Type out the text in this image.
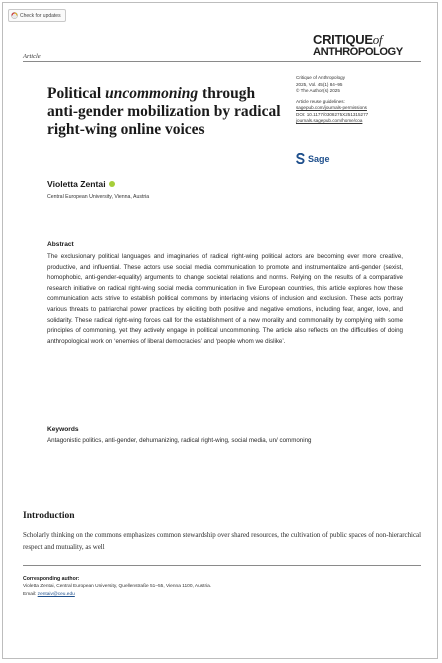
Check for updates
CRITIQUEof
ANTHROPOLOGY
Article
Political uncommoning through anti-gender mobilization by radical right-wing online voices
Critique of Anthropology
2025, Vol. 45(1) 84–95
© The Author(s) 2025
Article reuse guidelines:
sagepub.com/journals-permissions
DOI: 10.1177/0308275X251315277
journals.sagepub.com/home/coa
Sage
Violetta Zentai
Central European University, Vienna, Austria
Abstract

The exclusionary political languages and imaginaries of radical right-wing political actors are becoming ever more creative, productive, and influential. These actors use social media communication to promote and instrumentalize anti-gender (sexist, homophobic, anti-gender-equality) arguments to change societal relations and norms. Relying on the results of a comparative research initiative on radical right-wing social media communication in five European countries, this article explores how these communication acts strive to establish political commons by interlacing visions of inclusion and exclusion. These acts portray various threats to patriarchal power practices by eliciting both positive and negative emotions, including fear, anger, love, and solidarity. These radical right-wing forces call for the establishment of a new morality and commonality by complying with some principles of commoning, yet they actively engage in political uncommoning. The article also reflects on the difficulties of doing anthropological work on ‘enemies of liberal democracies’ and ‘people whom we dislike’.

Keywords

Antagonistic politics, anti-gender, dehumanizing, radical right-wing, social media, un/ commoning

Introduction

Scholarly thinking on the commons emphasizes common stewardship over shared resources, the cultivation of public spaces of non-hierarchical respect and mutuality, as well

Corresponding author:
Violetta Zentai, Central European University, Quellenstraße 51–55, Vienna 1100, Austria.
Email: zentaiv@ceu.edu
